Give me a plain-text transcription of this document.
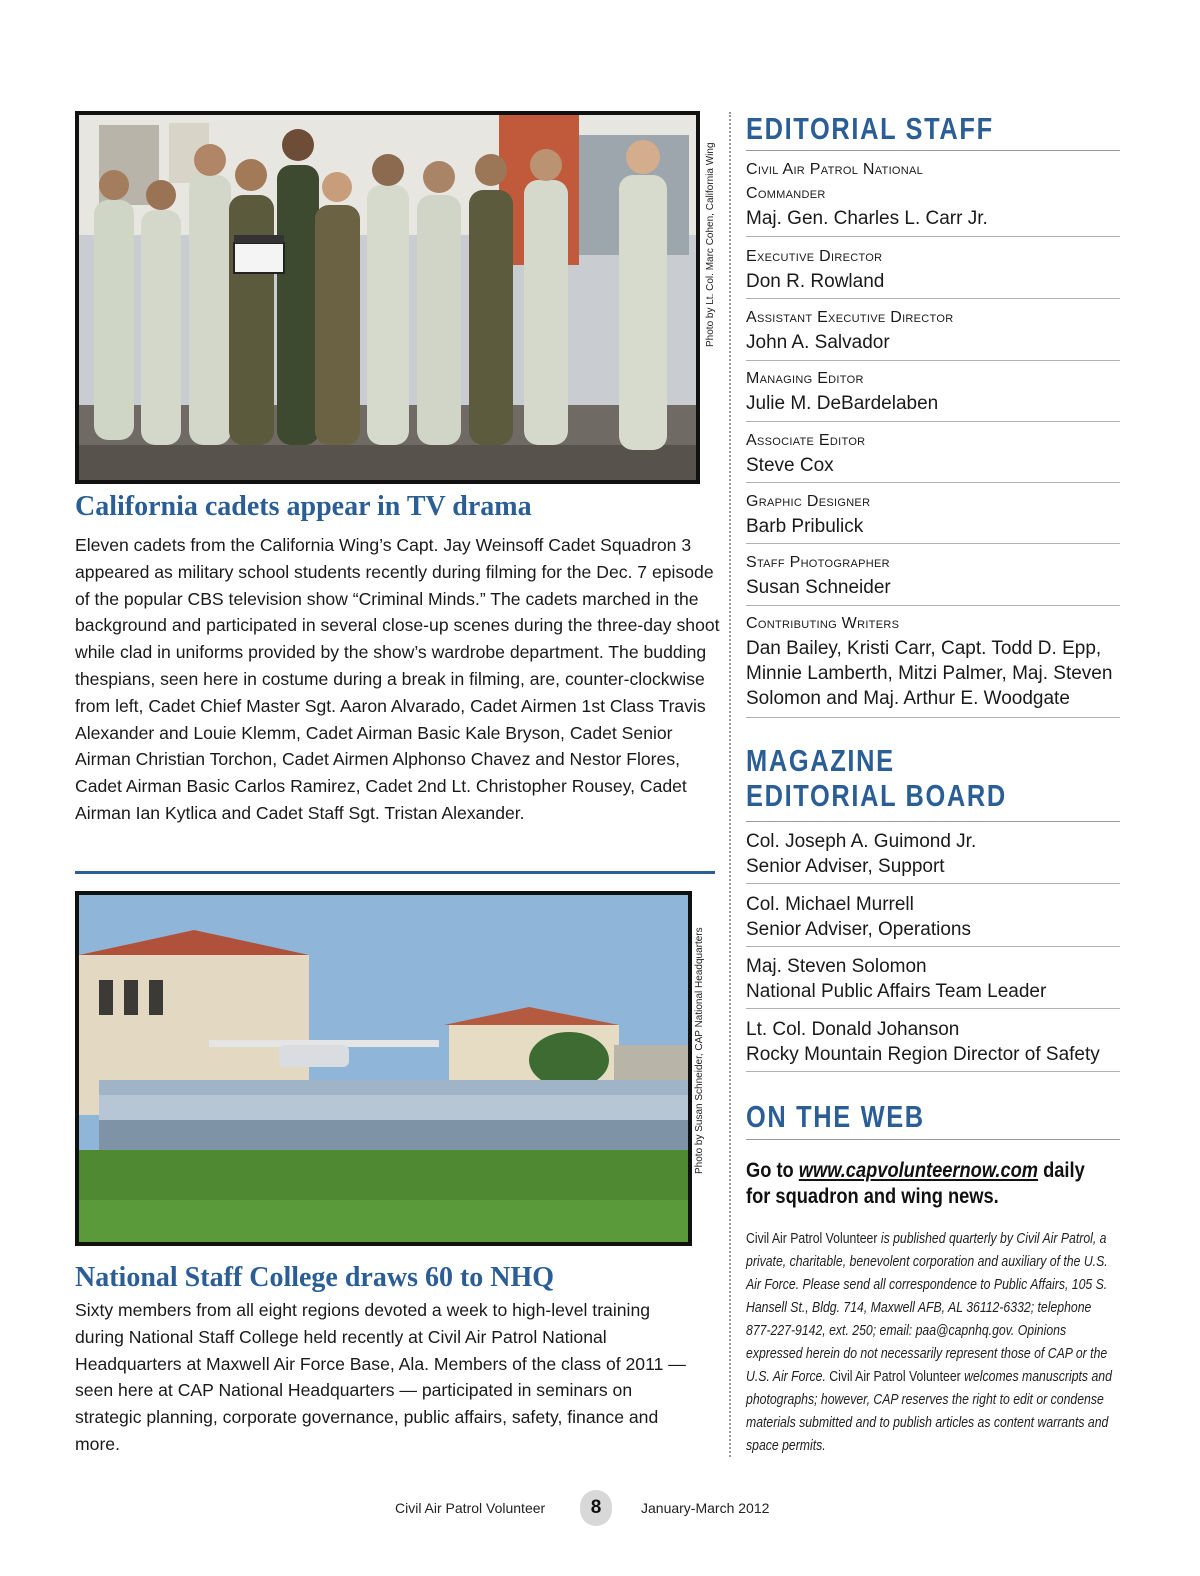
Photo by Lt. Col. Marc Cohen, California Wing
California cadets appear in TV drama

Eleven cadets from the California Wing’s Capt. Jay Weinsoff Cadet Squadron 3 appeared as military school students recently during filming for the Dec. 7 episode of the popular CBS television show “Criminal Minds.” The cadets marched in the background and participated in several close-up scenes during the three-day shoot while clad in uniforms provided by the show’s wardrobe department. The budding thespians, seen here in costume during a break in filming, are, counter-clockwise from left, Cadet Chief Master Sgt. Aaron Alvarado, Cadet Airmen 1st Class Travis Alexander and Louie Klemm, Cadet Airman Basic Kale Bryson, Cadet Senior Airman Christian Torchon, Cadet Airmen Alphonso Chavez and Nestor Flores, Cadet Airman Basic Carlos Ramirez, Cadet 2nd Lt. Christopher Rousey, Cadet Airman Ian Kytlica and Cadet Staff Sgt. Tristan Alexander.

Photo by Susan Schneider, CAP National Headquarters
National Staff College draws 60 to NHQ

Sixty members from all eight regions devoted a week to high-level training during National Staff College held recently at Civil Air Patrol National Headquarters at Maxwell Air Force Base, Ala. Members of the class of 2011 — seen here at CAP National Headquarters — participated in seminars on strategic planning, corporate governance, public affairs, safety, finance and more.

EDITORIAL STAFF
Civil Air Patrol National Commander
Maj. Gen. Charles L. Carr Jr.
Executive Director
Don R. Rowland
Assistant Executive Director
John A. Salvador
Managing Editor
Julie M. DeBardelaben
Associate Editor
Steve Cox
Graphic Designer
Barb Pribulick
Staff Photographer
Susan Schneider
Contributing Writers
Dan Bailey, Kristi Carr, Capt. Todd D. Epp, Minnie Lamberth, Mitzi Palmer, Maj. Steven Solomon and Maj. Arthur E. Woodgate
MAGAZINE
EDITORIAL BOARD
Col. Joseph A. Guimond Jr.
Senior Adviser, Support
Col. Michael Murrell
Senior Adviser, Operations
Maj. Steven Solomon
National Public Affairs Team Leader
Lt. Col. Donald Johanson
Rocky Mountain Region Director of Safety
ON THE WEB

Go to www.capvolunteernow.com daily
for squadron and wing news.

Civil Air Patrol Volunteer is published quarterly by Civil Air Patrol, a private, charitable, benevolent corporation and auxiliary of the U.S. Air Force. Please send all correspondence to Public Affairs, 105 S. Hansell St., Bldg. 714, Maxwell AFB, AL 36112-6332; telephone 877-227-9142, ext. 250; email: paa@capnhq.gov. Opinions expressed herein do not necessarily represent those of CAP or the U.S. Air Force. Civil Air Patrol Volunteer welcomes manuscripts and photographs; however, CAP reserves the right to edit or condense materials submitted and to publish articles as content warrants and space permits.

Civil Air Patrol Volunteer	8	January-March 2012
